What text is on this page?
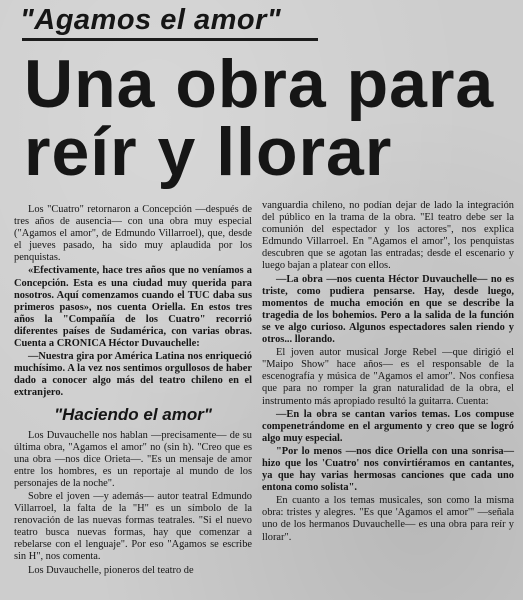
"Agamos el amor"
Una obra para
reír y llorar

Los "Cuatro" retornaron a Concepción —después de tres años de ausencia— con una obra muy especial ("Agamos el amor", de Edmundo Villarroel), que, desde el jueves pasado, ha sido muy aplaudida por los penquistas.

«Efectivamente, hace tres años que no veníamos a Concepción. Esta es una ciudad muy querida para nosotros. Aquí comenzamos cuando el TUC daba sus primeros pasos», nos cuenta Oriella. En estos tres años la "Compañía de los Cuatro" recorrió diferentes países de Sudamérica, con varias obras. Cuenta a CRONICA Héctor Duvauchelle:

—Nuestra gira por América Latina nos enriqueció muchísimo. A la vez nos sentimos orgullosos de haber dado a conocer algo más del teatro chileno en el extranjero.

"Haciendo el amor"

Los Duvauchelle nos hablan —precisamente— de su última obra, "Agamos el amor" no (sin h). "Creo que es una obra —nos dice Orieta—. "Es un mensaje de amor entre los hombres, es un reportaje al mundo de los personajes de la noche".

Sobre el joven —y además— autor teatral Edmundo Villarroel, la falta de la "H" es un símbolo de la renovación de las nuevas formas teatrales. "Si el nuevo teatro busca nuevas formas, hay que comenzar a rebelarse con el lenguaje". Por eso "Agamos se escribe sin H", nos comenta.

Los Duvauchelle, pioneros del teatro de

vanguardia chileno, no podían dejar de lado la integración del público en la trama de la obra. "El teatro debe ser la comunión del espectador y los actores", nos explica Edmundo Villarroel. En "Agamos el amor", los penquistas descubren que se agotan las entradas; desde el escenario y luego bajan a platear con ellos.

—La obra —nos cuenta Héctor Duvauchelle— no es triste, como pudiera pensarse. Hay, desde luego, momentos de mucha emoción en que se describe la tragedia de los bohemios. Pero a la salida de la función se ve algo curioso. Algunos espectadores salen riendo y otros... llorando.

El joven autor musical Jorge Rebel —que dirigió el "Maipo Show" hace años— es el responsable de la escenografía y música de "Agamos el amor". Nos confiesa que para no romper la gran naturalidad de la obra, el instrumento más apropiado resultó la guitarra. Cuenta:

—En la obra se cantan varios temas. Los compuse compenetrándome en el argumento y creo que se logró algo muy especial.

"Por lo menos —nos dice Oriella con una sonrisa— hizo que los 'Cuatro' nos convirtiéramos en cantantes, ya que hay varias hermosas canciones que cada uno entona como solista".

En cuanto a los temas musicales, son como la misma obra: tristes y alegres. "Es que 'Agamos el amor'" —señala uno de los hermanos Duvauchelle— es una obra para reír y llorar".
